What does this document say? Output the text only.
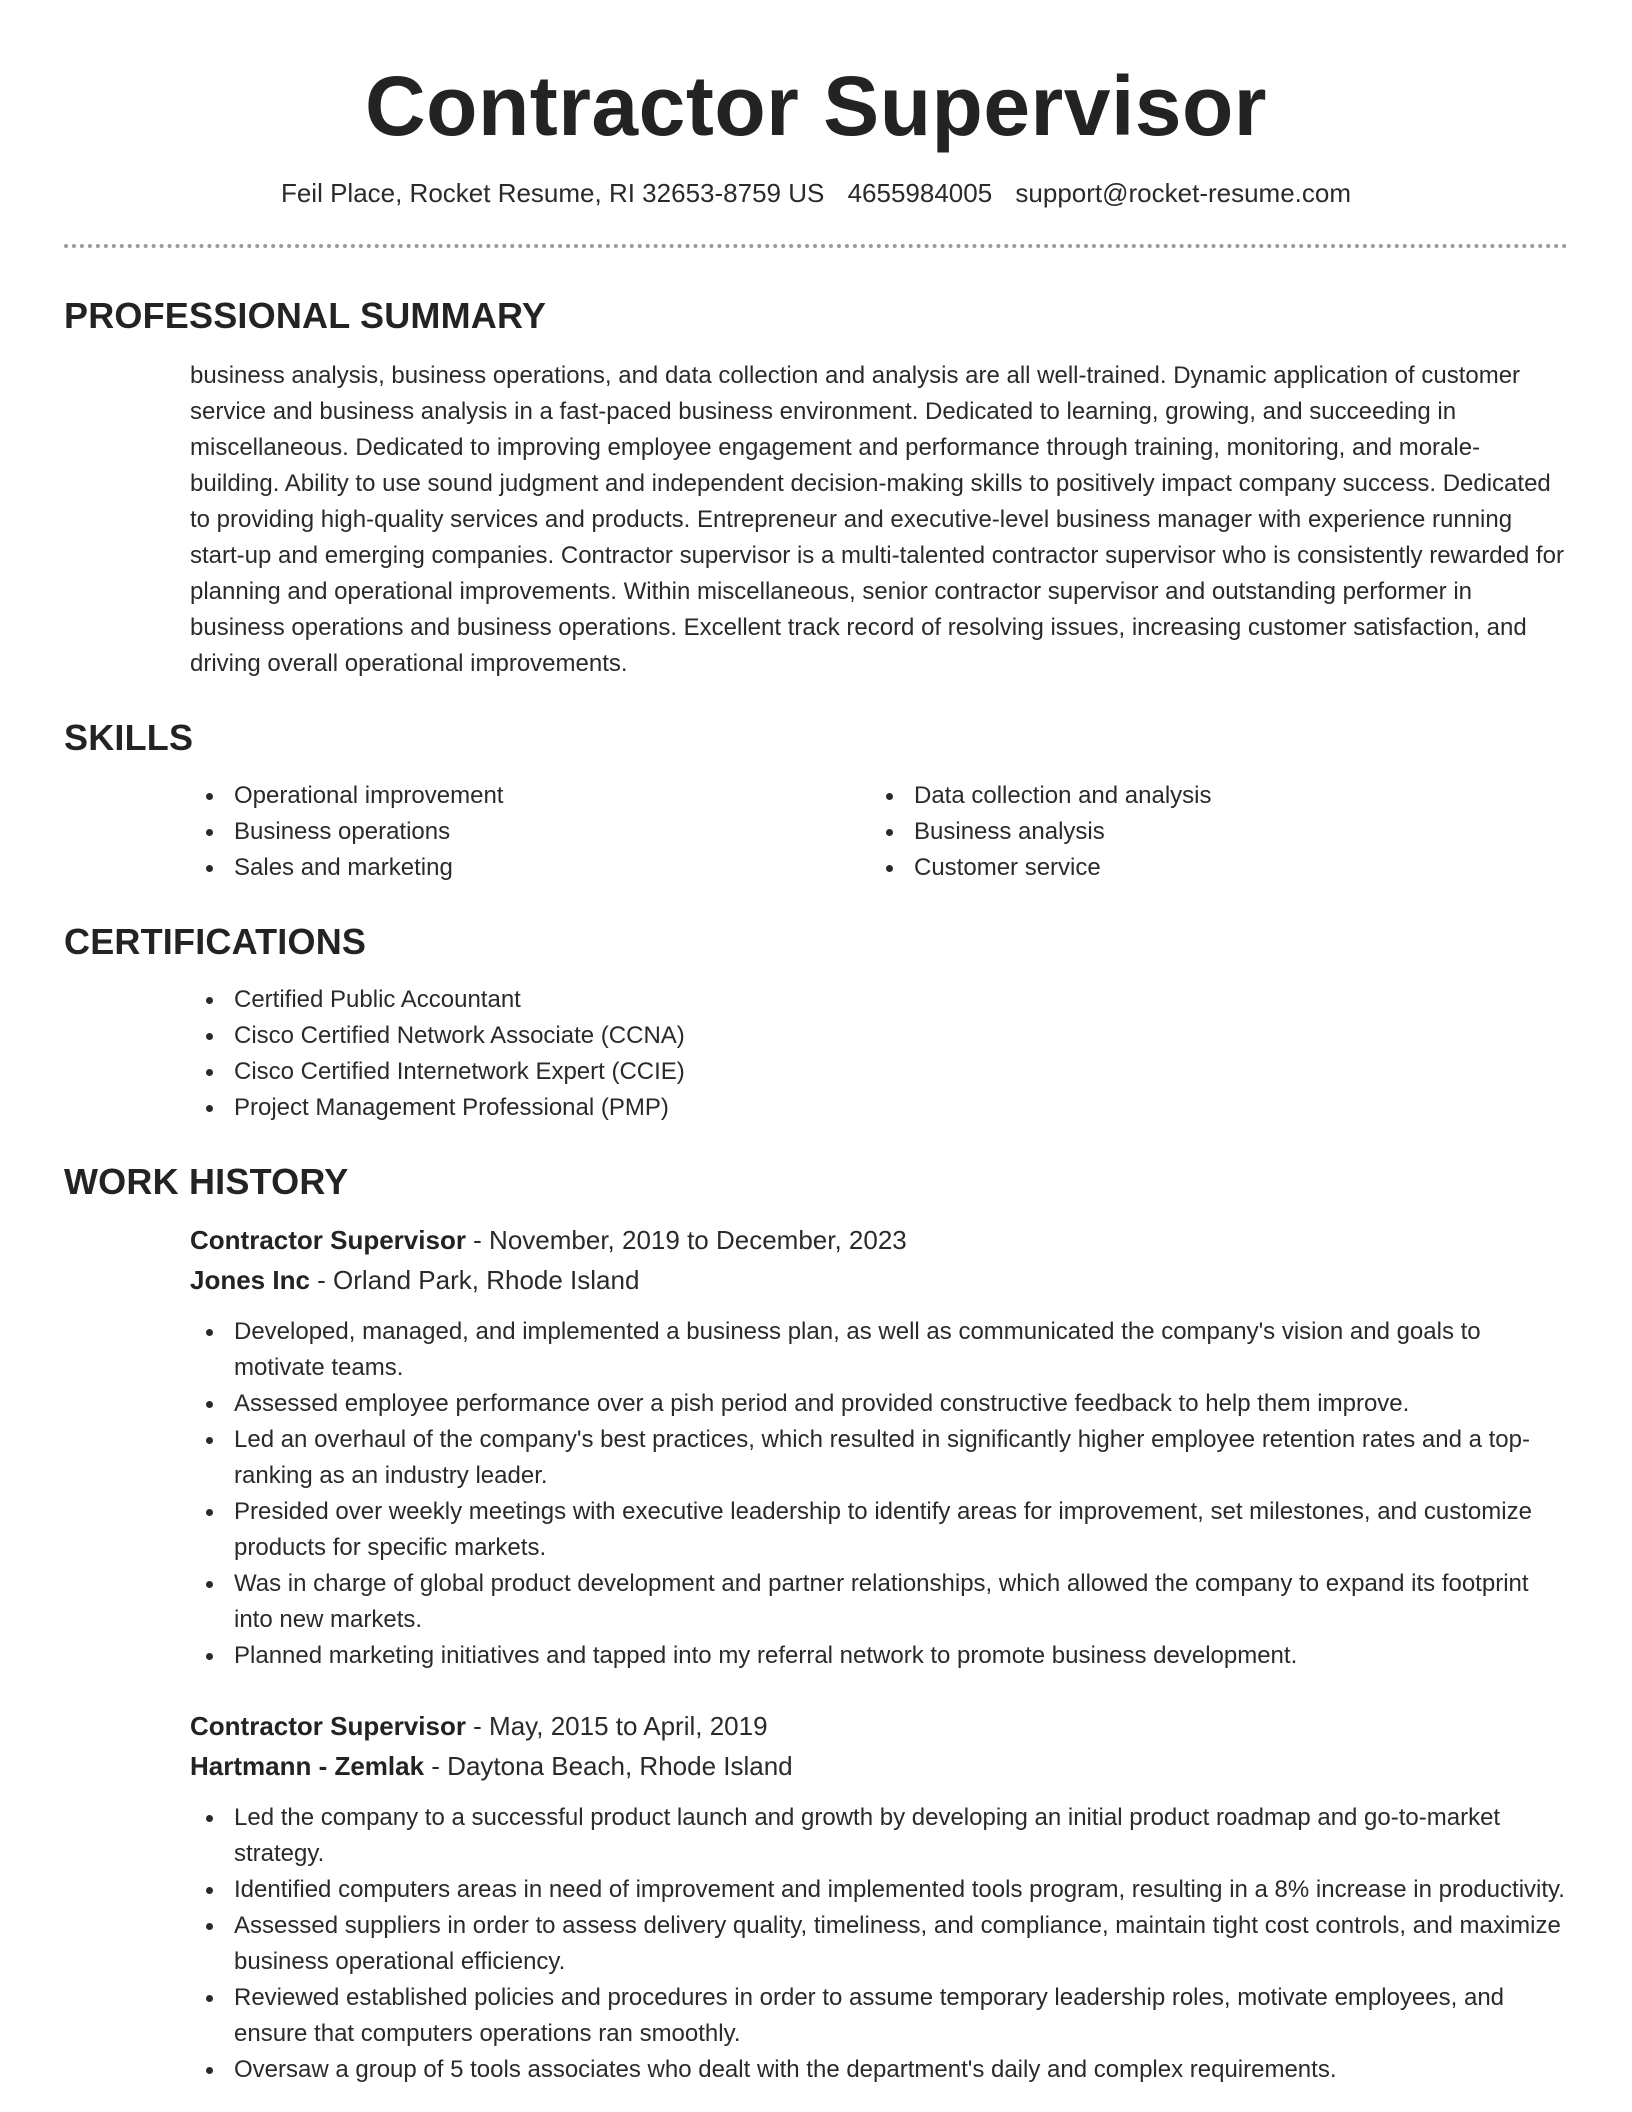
Contractor Supervisor
Feil Place, Rocket Resume, RI 32653-8759 US 4655984005 support@rocket-resume.com
PROFESSIONAL SUMMARY

business analysis, business operations, and data collection and analysis are all well-trained. Dynamic application of customer service and business analysis in a fast-paced business environment. Dedicated to learning, growing, and succeeding in miscellaneous. Dedicated to improving employee engagement and performance through training, monitoring, and morale-building. Ability to use sound judgment and independent decision-making skills to positively impact company success. Dedicated to providing high-quality services and products. Entrepreneur and executive-level business manager with experience running start-up and emerging companies. Contractor supervisor is a multi-talented contractor supervisor who is consistently rewarded for planning and operational improvements. Within miscellaneous, senior contractor supervisor and outstanding performer in business operations and business operations. Excellent track record of resolving issues, increasing customer satisfaction, and driving overall operational improvements.

SKILLS
Operational improvement
Business operations
Sales and marketing
Data collection and analysis
Business analysis
Customer service
CERTIFICATIONS
Certified Public Accountant
Cisco Certified Network Associate (CCNA)
Cisco Certified Internetwork Expert (CCIE)
Project Management Professional (PMP)
WORK HISTORY
Contractor Supervisor - November, 2019 to December, 2023
Jones Inc - Orland Park, Rhode Island
Developed, managed, and implemented a business plan, as well as communicated the company's vision and goals to motivate teams.
Assessed employee performance over a pish period and provided constructive feedback to help them improve.
Led an overhaul of the company's best practices, which resulted in significantly higher employee retention rates and a top-ranking as an industry leader.
Presided over weekly meetings with executive leadership to identify areas for improvement, set milestones, and customize products for specific markets.
Was in charge of global product development and partner relationships, which allowed the company to expand its footprint into new markets.
Planned marketing initiatives and tapped into my referral network to promote business development.
Contractor Supervisor - May, 2015 to April, 2019
Hartmann - Zemlak - Daytona Beach, Rhode Island
Led the company to a successful product launch and growth by developing an initial product roadmap and go-to-market strategy.
Identified computers areas in need of improvement and implemented tools program, resulting in a 8% increase in productivity.
Assessed suppliers in order to assess delivery quality, timeliness, and compliance, maintain tight cost controls, and maximize business operational efficiency.
Reviewed established policies and procedures in order to assume temporary leadership roles, motivate employees, and ensure that computers operations ran smoothly.
Oversaw a group of 5 tools associates who dealt with the department's daily and complex requirements.
